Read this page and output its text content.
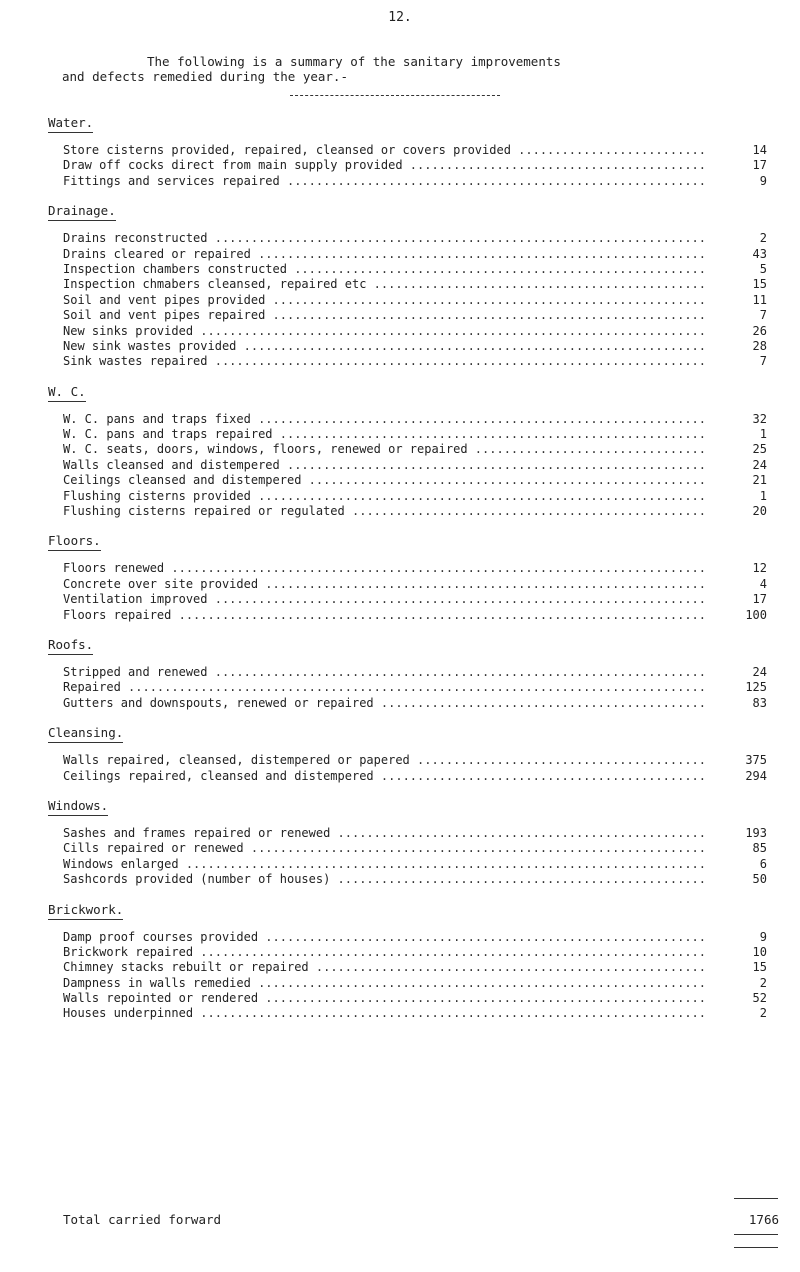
12.
The following is a summary of the sanitary improvements
and defects remedied during the year.-
Water.
Store cisterns provided, repaired, cleansed or covers provided .....	14
Draw off cocks direct from main supply provided .....	17
Fittings and services repaired .....	9
Drainage.
Drains reconstructed .....	2
Drains cleared or repaired .....	43
Inspection chambers constructed .....	5
Inspection chmabers cleansed, repaired etc .....	15
Soil and vent pipes provided .....	11
Soil and vent pipes repaired .....	7
New sinks provided .....	26
New sink wastes provided .....	28
Sink wastes repaired .....	7
W. C.
W. C. pans and traps fixed .....	32
W. C. pans and traps repaired .....	1
W. C. seats, doors, windows, floors, renewed or repaired .....	25
Walls cleansed and distempered .....	24
Ceilings cleansed and distempered .....	21
Flushing cisterns provided .....	1
Flushing cisterns repaired or regulated .....	20
Floors.
Floors renewed .....	12
Concrete over site provided .....	4
Ventilation improved .....	17
Floors repaired .....	100
Roofs.
Stripped and renewed .....	24
Repaired .....	125
Gutters and downspouts, renewed or repaired .....	83
Cleansing.
Walls repaired, cleansed, distempered or papered .....	375
Ceilings repaired, cleansed and distempered .....	294
Windows.
Sashes and frames repaired or renewed .....	193
Cills repaired or renewed .....	85
Windows enlarged .....	6
Sashcords provided (number of houses) .....	50
Brickwork.
Damp proof courses provided .....	9
Brickwork repaired .....	10
Chimney stacks rebuilt or repaired .....	15
Dampness in walls remedied .....	2
Walls repointed or rendered .....	52
Houses underpinned .....	2
Total carried forward	1766
